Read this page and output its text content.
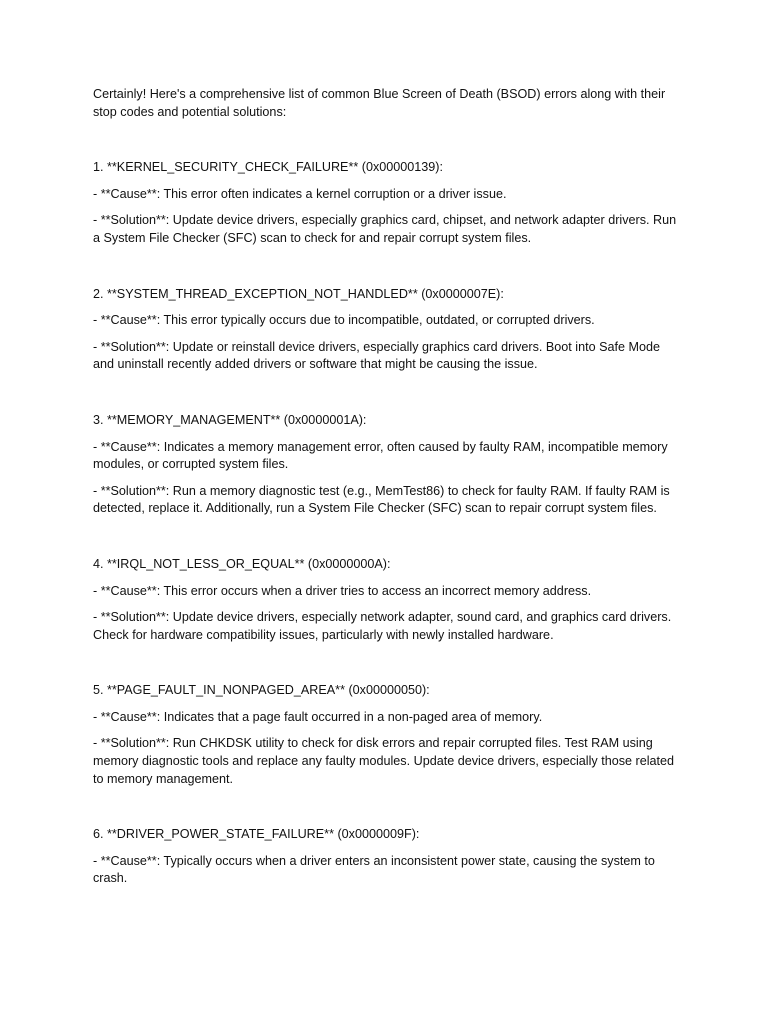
Certainly! Here's a comprehensive list of common Blue Screen of Death (BSOD) errors along with their stop codes and potential solutions:

1. **KERNEL_SECURITY_CHECK_FAILURE** (0x00000139):

- **Cause**: This error often indicates a kernel corruption or a driver issue.

- **Solution**: Update device drivers, especially graphics card, chipset, and network adapter drivers. Run a System File Checker (SFC) scan to check for and repair corrupt system files.

2. **SYSTEM_THREAD_EXCEPTION_NOT_HANDLED** (0x0000007E):

- **Cause**: This error typically occurs due to incompatible, outdated, or corrupted drivers.

- **Solution**: Update or reinstall device drivers, especially graphics card drivers. Boot into Safe Mode and uninstall recently added drivers or software that might be causing the issue.

3. **MEMORY_MANAGEMENT** (0x0000001A):

- **Cause**: Indicates a memory management error, often caused by faulty RAM, incompatible memory modules, or corrupted system files.

- **Solution**: Run a memory diagnostic test (e.g., MemTest86) to check for faulty RAM. If faulty RAM is detected, replace it. Additionally, run a System File Checker (SFC) scan to repair corrupt system files.

4. **IRQL_NOT_LESS_OR_EQUAL** (0x0000000A):

- **Cause**: This error occurs when a driver tries to access an incorrect memory address.

- **Solution**: Update device drivers, especially network adapter, sound card, and graphics card drivers. Check for hardware compatibility issues, particularly with newly installed hardware.

5. **PAGE_FAULT_IN_NONPAGED_AREA** (0x00000050):

- **Cause**: Indicates that a page fault occurred in a non-paged area of memory.

- **Solution**: Run CHKDSK utility to check for disk errors and repair corrupted files. Test RAM using memory diagnostic tools and replace any faulty modules. Update device drivers, especially those related to memory management.

6. **DRIVER_POWER_STATE_FAILURE** (0x0000009F):

- **Cause**: Typically occurs when a driver enters an inconsistent power state, causing the system to crash.
